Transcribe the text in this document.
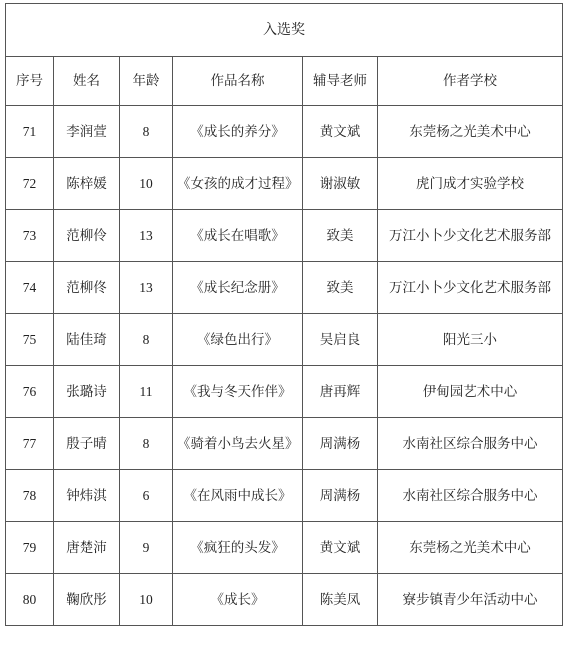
入选奖					
序号	姓名	年龄	作品名称	辅导老师	作者学校
71	李润萱	8	《成长的养分》	黄文斌	东莞杨之光美术中心
72	陈梓媛	10	《女孩的成才过程》	谢淑敏	虎门成才实验学校
73	范柳伶	13	《成长在唱歌》	致美	万江小卜少文化艺术服务部
74	范柳佟	13	《成长纪念册》	致美	万江小卜少文化艺术服务部
75	陆佳琦	8	《绿色出行》	吴启良	阳光三小
76	张璐诗	11	《我与冬天作伴》	唐再辉	伊甸园艺术中心
77	殷子晴	8	《骑着小鸟去火星》	周满杨	水南社区综合服务中心
78	钟炜淇	6	《在风雨中成长》	周满杨	水南社区综合服务中心
79	唐楚沛	9	《疯狂的头发》	黄文斌	东莞杨之光美术中心
80	鞠欣彤	10	《成长》	陈美凤	寮步镇青少年活动中心
